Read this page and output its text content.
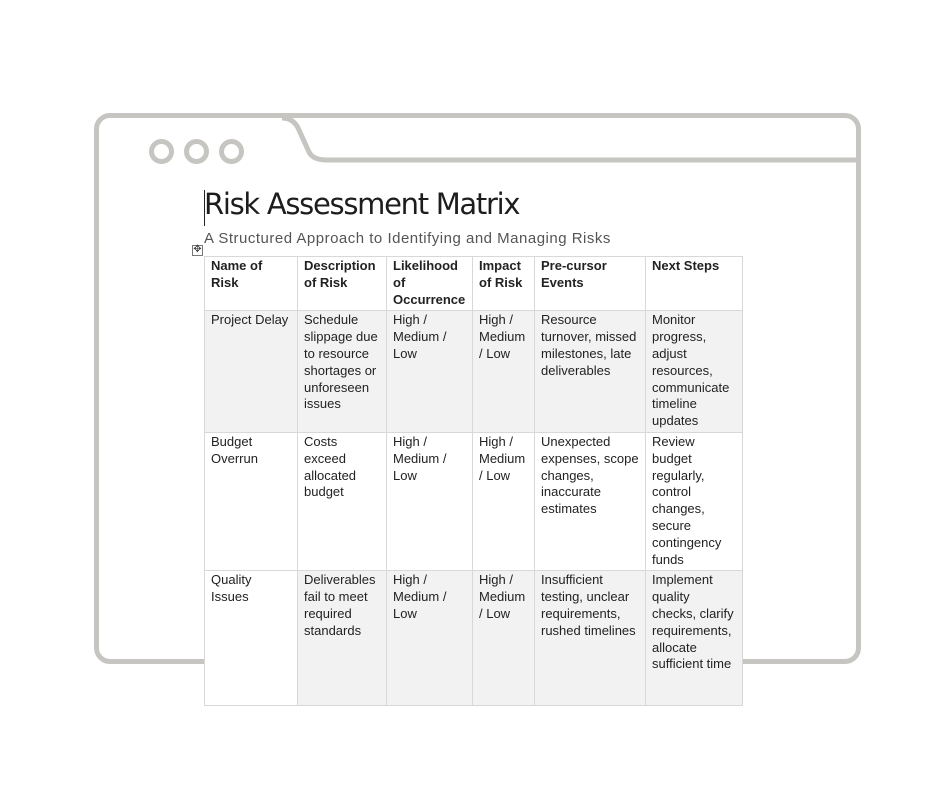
Risk Assessment Matrix
A Structured Approach to Identifying and Managing Risks
✥
Name of Risk	Description of Risk	Likelihood of Occurrence	Impact of Risk	Pre-cursor Events	Next Steps
Project Delay	Schedule slippage due to resource shortages or unforeseen issues	High / Medium / Low	High / Medium / Low	Resource turnover, missed milestones, late deliverables	Monitor progress, adjust resources, communicate timeline updates
Budget Overrun	Costs exceed allocated budget	High / Medium / Low	High / Medium / Low	Unexpected expenses, scope changes, inaccurate estimates	Review budget regularly, control changes, secure contingency funds
Quality Issues	Deliverables fail to meet required standards	High / Medium / Low	High / Medium / Low	Insufficient testing, unclear requirements, rushed timelines	Implement quality checks, clarify requirements, allocate sufficient time
